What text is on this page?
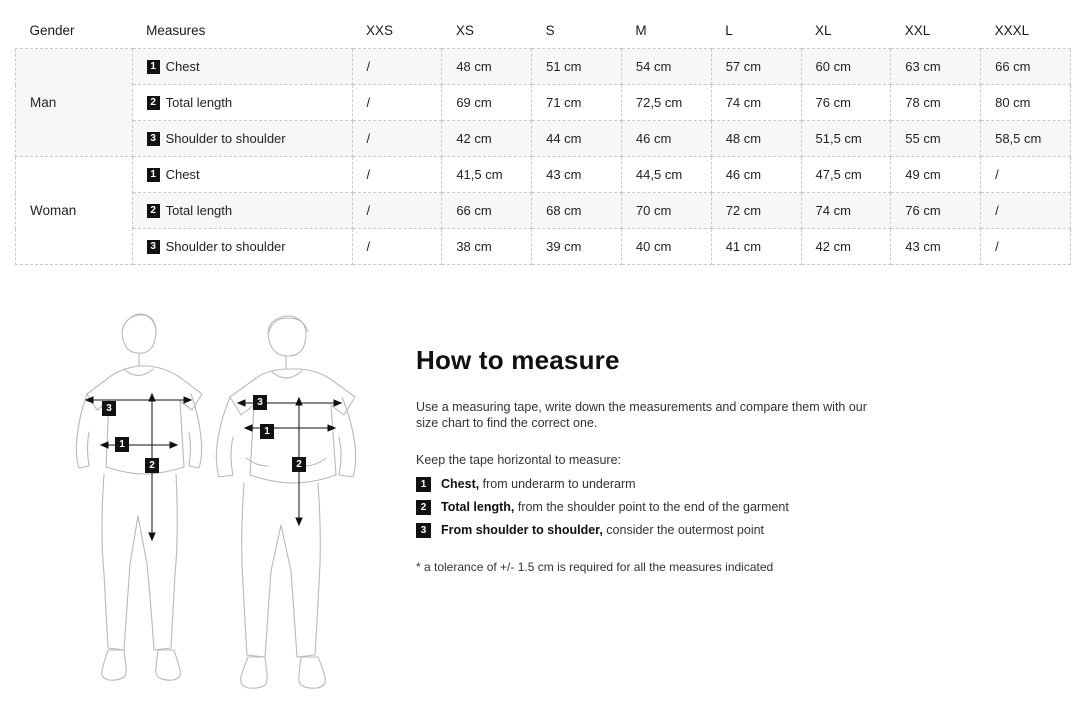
Gender	Measures	XXS	XS	S	M	L	XL	XXL	XXXL
Man	1 Chest	/	48 cm	51 cm	54 cm	57 cm	60 cm	63 cm	66 cm

2 Total length	/	69 cm	71 cm	72,5 cm	74 cm	76 cm	78 cm	80 cm

3 Shoulder to shoulder	/	42 cm	44 cm	46 cm	48 cm	51,5 cm	55 cm	58,5 cm
Woman	1 Chest	/	41,5 cm	43 cm	44,5 cm	46 cm	47,5 cm	49 cm	/

2 Total length	/	66 cm	68 cm	70 cm	72 cm	74 cm	76 cm	/

3 Shoulder to shoulder	/	38 cm	39 cm	40 cm	41 cm	42 cm	43 cm	/
3
1
2
3
1
2
How to measure

Use a measuring tape, write down the measurements and compare them with our size chart to find the correct one.

Keep the tape horizontal to measure:

1	Chest, from underarm to underarm
2	Total length, from the shoulder point to the end of the garment
3	From shoulder to shoulder, consider the outermost point

* a tolerance of +/- 1.5 cm is required for all the measures indicated
